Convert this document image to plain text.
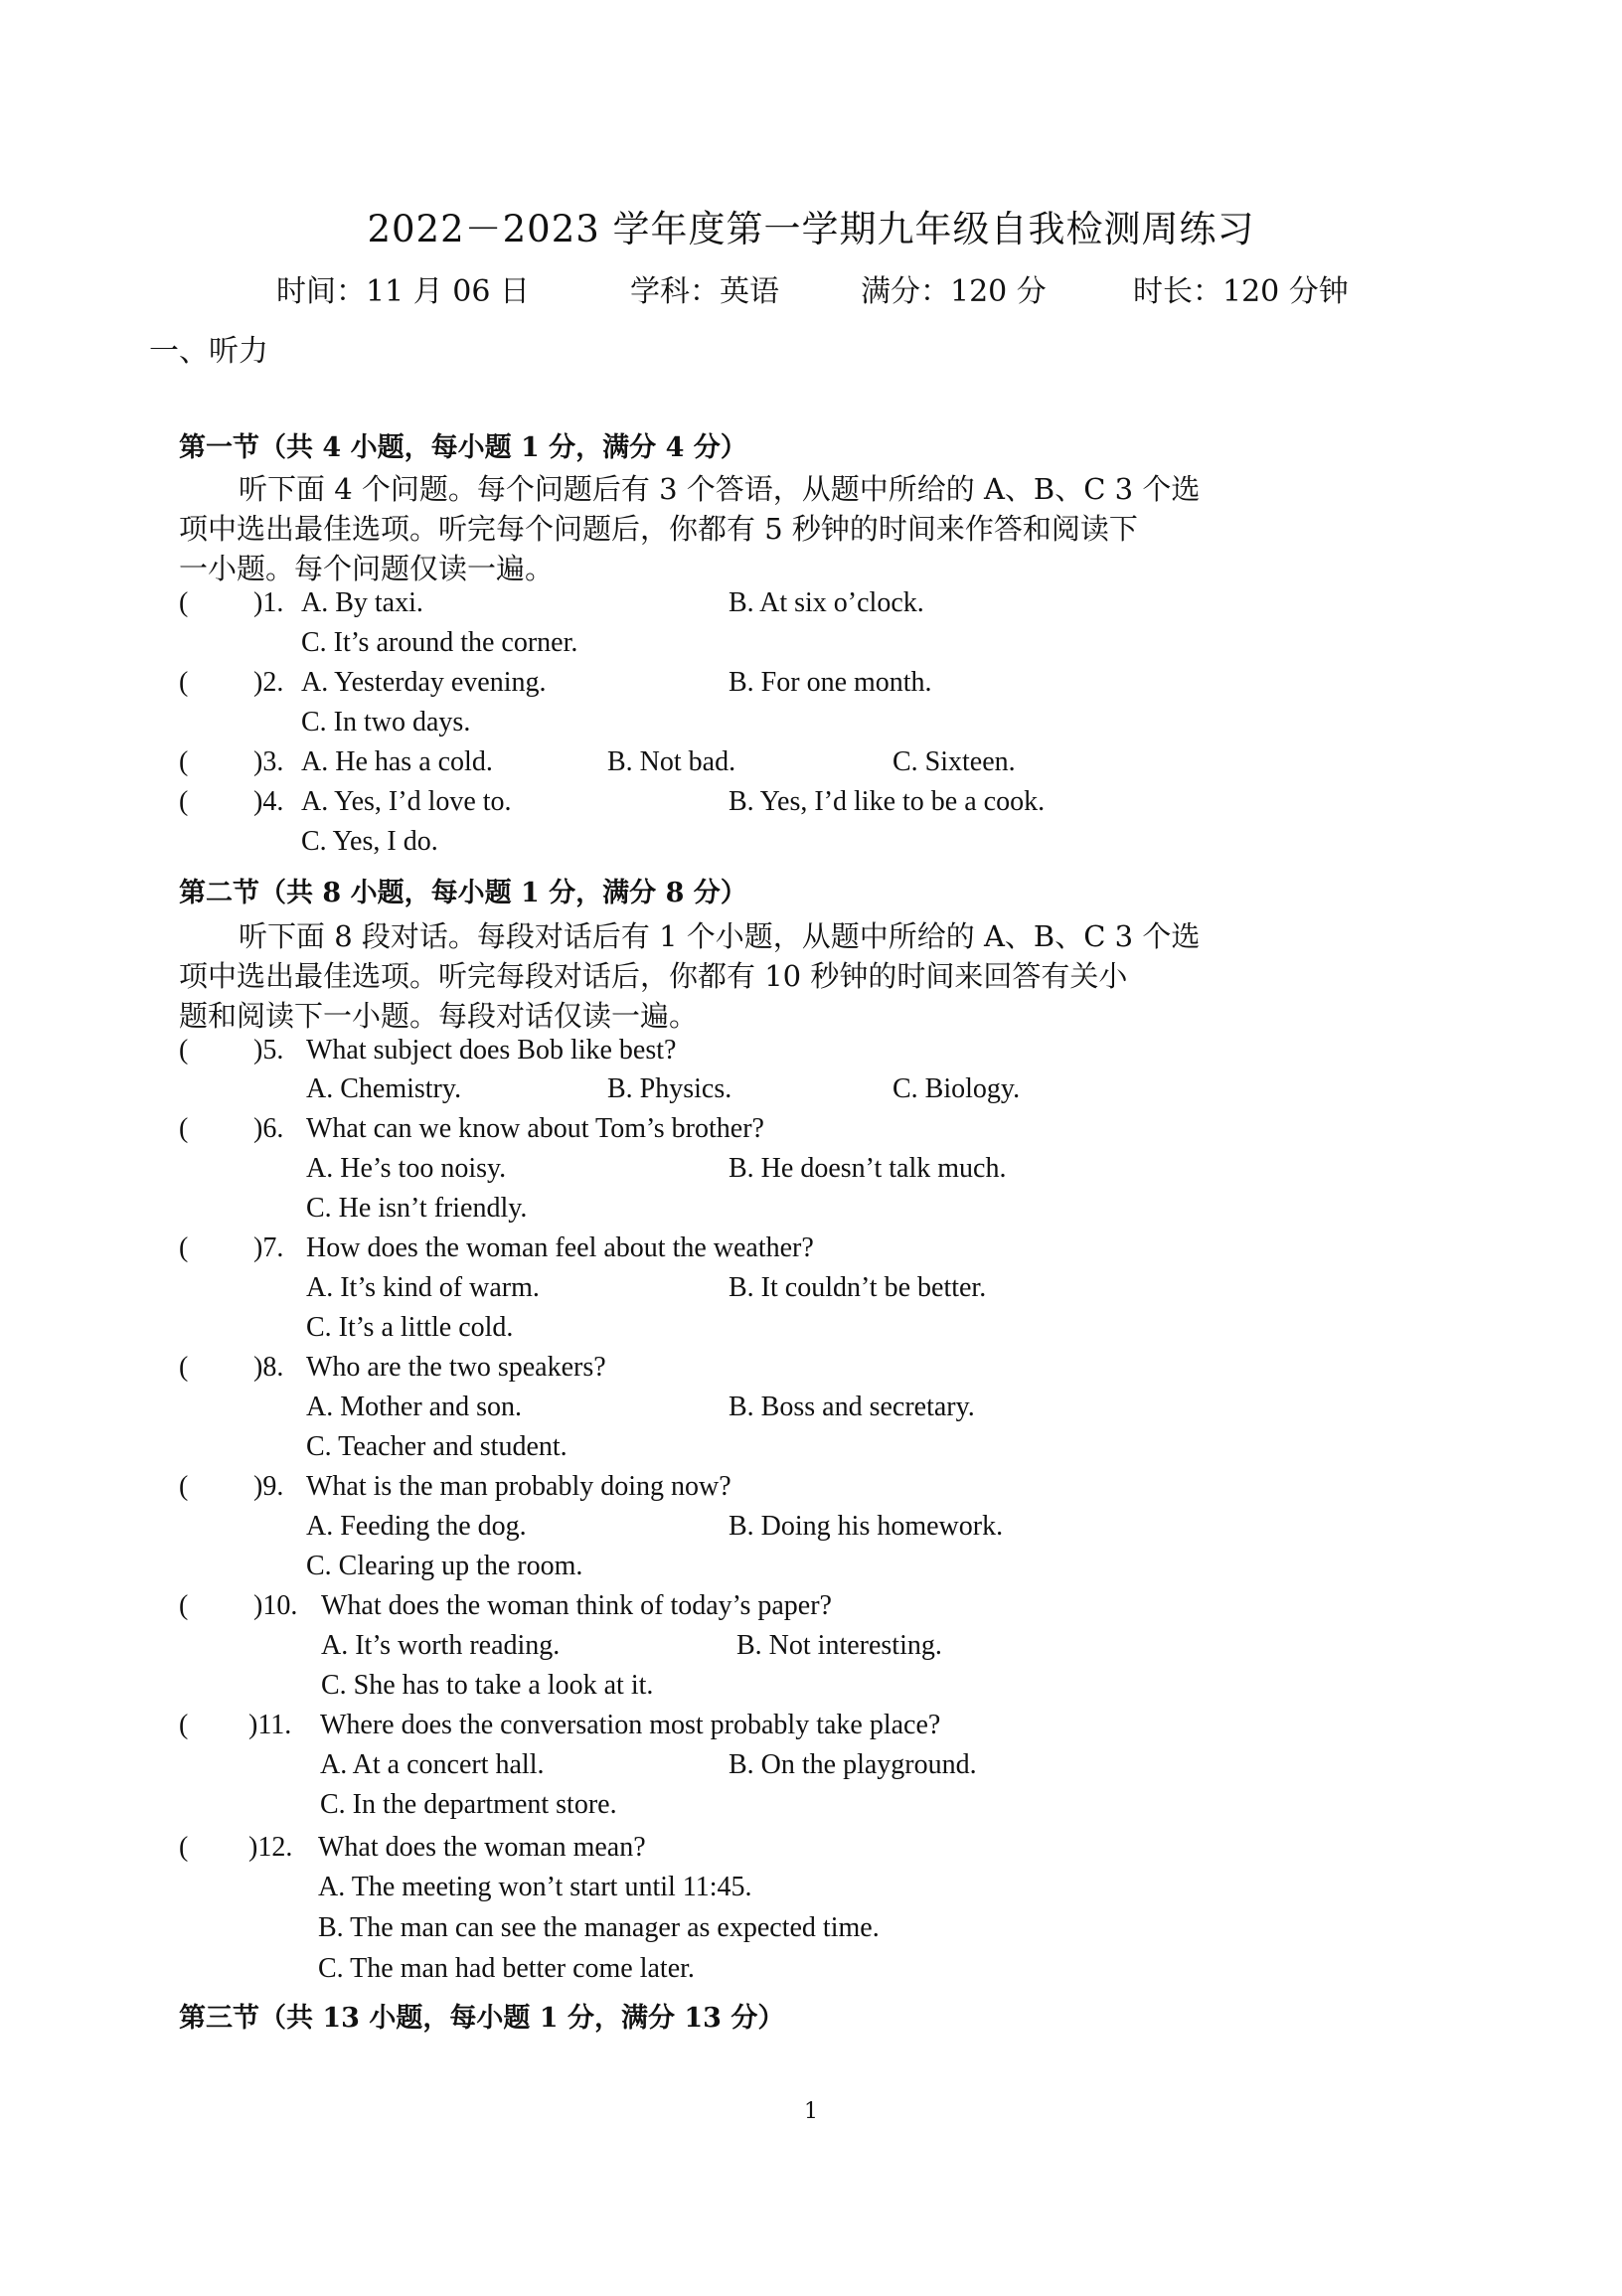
2022－2023 学年度第一学期九年级自我检测周练习
时间：11 月 06 日	学科：英语	满分：120 分	时长：120 分钟
一、听力
第一节（共 4 小题，每小题 1 分，满分 4 分）
听下面 4 个问题。每个问题后有 3 个答语，从题中所给的 A、B、C 3 个选
项中选出最佳选项。听完每个问题后，你都有 5 秒钟的时间来作答和阅读下
一小题。每个问题仅读一遍。
( )1. A. By taxi.	B. At six o’clock.
C. It’s around the corner.
( )2. A. Yesterday evening.	B. For one month.
C. In two days.
( )3. A. He has a cold.	B. Not bad.	C. Sixteen.
( )4. A. Yes, I’d love to.	B. Yes, I’d like to be a cook.
C. Yes, I do.
第二节（共 8 小题，每小题 1 分，满分 8 分）
听下面 8 段对话。每段对话后有 1 个小题，从题中所给的 A、B、C 3 个选
项中选出最佳选项。听完每段对话后，你都有 10 秒钟的时间来回答有关小
题和阅读下一小题。每段对话仅读一遍。
( )5. What subject does Bob like best?
A. Chemistry.	B. Physics.	C. Biology.
( )6. What can we know about Tom’s brother?
A. He’s too noisy.	B. He doesn’t talk much.
C. He isn’t friendly.
( )7. How does the woman feel about the weather?
A. It’s kind of warm.	B. It couldn’t be better.
C. It’s a little cold.
( )8. Who are the two speakers?
A. Mother and son.	B. Boss and secretary.
C. Teacher and student.
( )9. What is the man probably doing now?
A. Feeding the dog.	B. Doing his homework.
C. Clearing up the room.
( )10. What does the woman think of today’s paper?
A. It’s worth reading.	B. Not interesting.
C. She has to take a look at it.
( )11. Where does the conversation most probably take place?
A. At a concert hall.	B. On the playground.
C. In the department store.
( )12. What does the woman mean?
A. The meeting won’t start until 11:45.
B. The man can see the manager as expected time.
C. The man had better come later.
第三节（共 13 小题，每小题 1 分，满分 13 分）
1
